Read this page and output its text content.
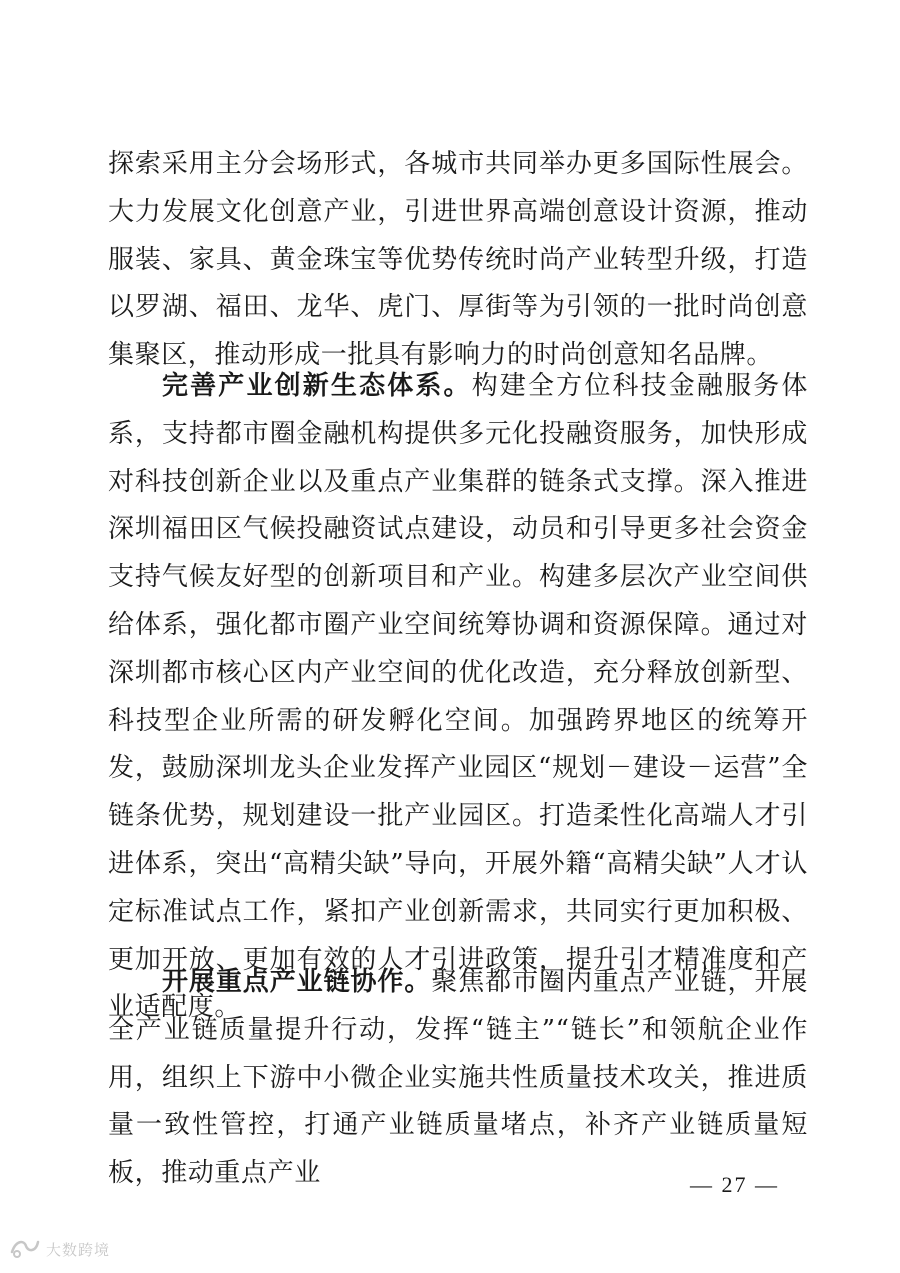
探索采用主分会场形式，各城市共同举办更多国际性展会。大力发展文化创意产业，引进世界高端创意设计资源，推动服装、家具、黄金珠宝等优势传统时尚产业转型升级，打造以罗湖、福田、龙华、虎门、厚街等为引领的一批时尚创意集聚区，推动形成一批具有影响力的时尚创意知名品牌。

完善产业创新生态体系。构建全方位科技金融服务体系，支持都市圈金融机构提供多元化投融资服务，加快形成对科技创新企业以及重点产业集群的链条式支撑。深入推进深圳福田区气候投融资试点建设，动员和引导更多社会资金支持气候友好型的创新项目和产业。构建多层次产业空间供给体系，强化都市圈产业空间统筹协调和资源保障。通过对深圳都市核心区内产业空间的优化改造，充分释放创新型、科技型企业所需的研发孵化空间。加强跨界地区的统筹开发，鼓励深圳龙头企业发挥产业园区“规划－建设－运营”全链条优势，规划建设一批产业园区。打造柔性化高端人才引进体系，突出“高精尖缺”导向，开展外籍“高精尖缺”人才认定标准试点工作，紧扣产业创新需求，共同实行更加积极、更加开放、更加有效的人才引进政策，提升引才精准度和产业适配度。

开展重点产业链协作。聚焦都市圈内重点产业链，开展全产业链质量提升行动，发挥“链主”“链长”和领航企业作用，组织上下游中小微企业实施共性质量技术攻关，推进质量一致性管控，打通产业链质量堵点，补齐产业链质量短板，推动重点产业	— 27 —
大数跨境
